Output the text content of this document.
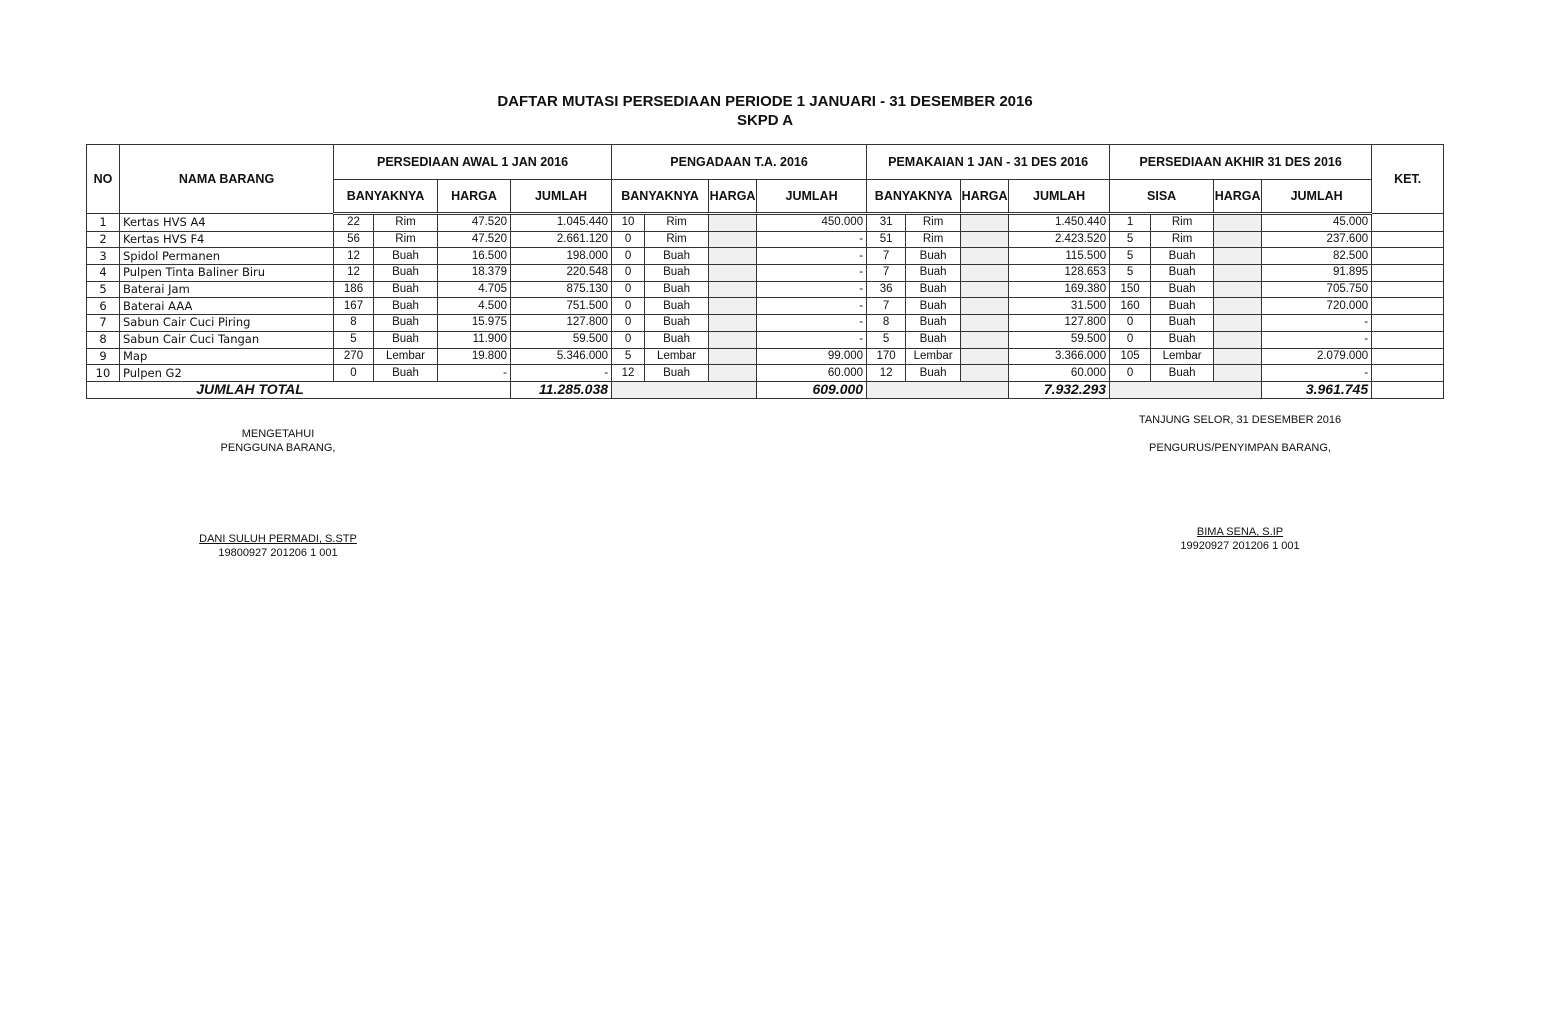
DAFTAR MUTASI PERSEDIAAN PERIODE 1 JANUARI - 31 DESEMBER 2016
SKPD A
NO	NAMA BARANG	PERSEDIAAN AWAL 1 JAN 2016				PENGADAAN T.A. 2016				PEMAKAIAN 1 JAN - 31 DES 2016				PERSEDIAAN AKHIR 31 DES 2016				KET.
		BANYAKNYA		HARGA	JUMLAH	BANYAKNYA		HARGA	JUMLAH	BANYAKNYA		HARGA	JUMLAH	SISA		HARGA	JUMLAH	
1	Kertas HVS A4	22	Rim	47.520	1.045.440	10	Rim		450.000	31	Rim		1.450.440	1	Rim		45.000	
2	Kertas HVS F4	56	Rim	47.520	2.661.120	0	Rim		-	51	Rim		2.423.520	5	Rim		237.600	
3	Spidol Permanen	12	Buah	16.500	198.000	0	Buah		-	7	Buah		115.500	5	Buah		82.500	
4	Pulpen Tinta Baliner Biru	12	Buah	18.379	220.548	0	Buah		-	7	Buah		128.653	5	Buah		91.895	
5	Baterai Jam	186	Buah	4.705	875.130	0	Buah		-	36	Buah		169.380	150	Buah		705.750	
6	Baterai AAA	167	Buah	4.500	751.500	0	Buah		-	7	Buah		31.500	160	Buah		720.000	
7	Sabun Cair Cuci Piring	8	Buah	15.975	127.800	0	Buah		-	8	Buah		127.800	0	Buah		-	
8	Sabun Cair Cuci Tangan	5	Buah	11.900	59.500	0	Buah		-	5	Buah		59.500	0	Buah		-	
9	Map	270	Lembar	19.800	5.346.000	5	Lembar		99.000	170	Lembar		3.366.000	105	Lembar		2.079.000	
10	Pulpen G2	0	Buah	-	-	12	Buah		60.000	12	Buah		60.000	0	Buah		-	
JUMLAH TOTAL					11.285.038				609.000				7.932.293				3.961.745	
MENGETAHUI
PENGGUNA BARANG,
DANI SULUH PERMADI, S.STP
19800927 201206 1 001
TANJUNG SELOR, 31 DESEMBER 2016
PENGURUS/PENYIMPAN BARANG,
BIMA SENA, S.IP
19920927 201206 1 001
